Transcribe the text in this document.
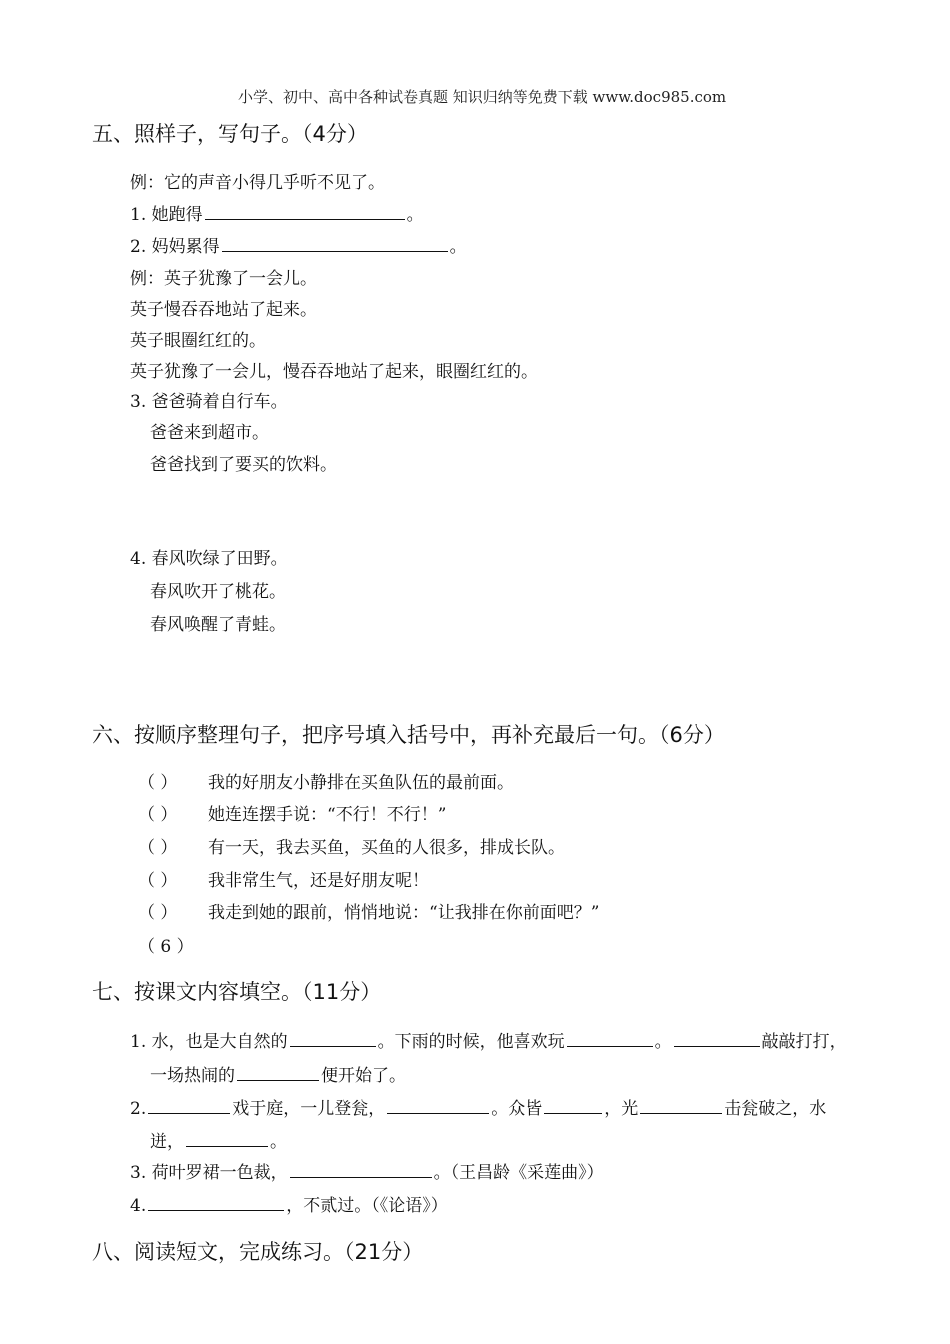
小学、初中、高中各种试卷真题 知识归纳等免费下载 www.doc985.com
五、照样子，写句子。（4分）
例：它的声音小得几乎听不见了。
1. 她跑得	。
2. 妈妈累得	。
例：英子犹豫了一会儿。
英子慢吞吞地站了起来。
英子眼圈红红的。
英子犹豫了一会儿，慢吞吞地站了起来，眼圈红红的。
3. 爸爸骑着自行车。
爸爸来到超市。
爸爸找到了要买的饮料。
4. 春风吹绿了田野。
春风吹开了桃花。
春风唤醒了青蛙。
六、按顺序整理句子，把序号填入括号中，再补充最后一句。（6分）
（ ） 我的好朋友小静排在买鱼队伍的最前面。
（ ） 她连连摆手说：“不行！不行！”
（ ） 有一天，我去买鱼，买鱼的人很多，排成长队。
（ ） 我非常生气，还是好朋友呢！
（ ） 我走到她的跟前，悄悄地说：“让我排在你前面吧？”
（ 6 ）
七、按课文内容填空。（11分）
1. 水，也是大自然的	。下雨的时候，他喜欢玩	。	敲敲打打，
一场热闹的	便开始了。
2.	戏于庭，一儿登瓮，	。众皆	，光	击瓮破之，水
迸，	。
3. 荷叶罗裙一色裁，	。（王昌龄《采莲曲》）
4.	，不贰过。（《论语》）
八、阅读短文，完成练习。（21分）
